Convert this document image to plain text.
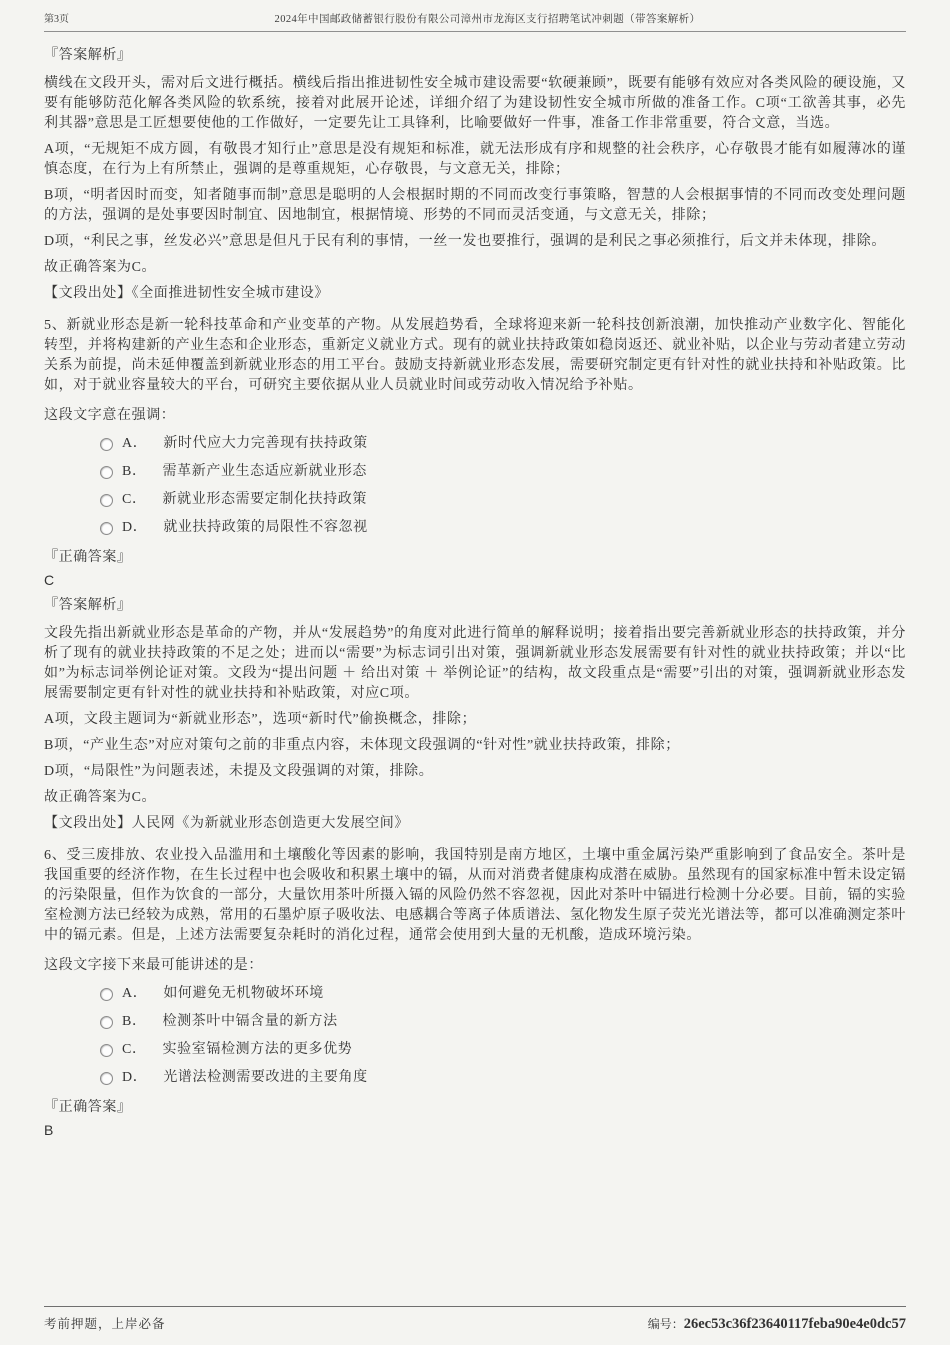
第3页	2024年中国邮政储蓄银行股份有限公司漳州市龙海区支行招聘笔试冲刺题（带答案解析）

『答案解析』

横线在文段开头，需对后文进行概括。横线后指出推进韧性安全城市建设需要“软硬兼顾”，既要有能够有效应对各类风险的硬设施，又要有能够防范化解各类风险的软系统，接着对此展开论述，详细介绍了为建设韧性安全城市所做的准备工作。C项“工欲善其事，必先利其器”意思是工匠想要使他的工作做好，一定要先让工具锋利，比喻要做好一件事，准备工作非常重要，符合文意，当选。

A项，“无规矩不成方圆，有敬畏才知行止”意思是没有规矩和标准，就无法形成有序和规整的社会秩序，心存敬畏才能有如履薄冰的谨慎态度，在行为上有所禁止，强调的是尊重规矩，心存敬畏，与文意无关，排除；

B项，“明者因时而变，知者随事而制”意思是聪明的人会根据时期的不同而改变行事策略，智慧的人会根据事情的不同而改变处理问题的方法，强调的是处事要因时制宜、因地制宜，根据情境、形势的不同而灵活变通，与文意无关，排除；

D项，“利民之事，丝发必兴”意思是但凡于民有利的事情，一丝一发也要推行，强调的是利民之事必须推行，后文并未体现，排除。

故正确答案为C。

【文段出处】《全面推进韧性安全城市建设》

5、新就业形态是新一轮科技革命和产业变革的产物。从发展趋势看，全球将迎来新一轮科技创新浪潮，加快推动产业数字化、智能化转型，并将构建新的产业生态和企业形态，重新定义就业方式。现有的就业扶持政策如稳岗返还、就业补贴，以企业与劳动者建立劳动关系为前提，尚未延伸覆盖到新就业形态的用工平台。鼓励支持新就业形态发展，需要研究制定更有针对性的就业扶持和补贴政策。比如，对于就业容量较大的平台，可研究主要依据从业人员就业时间或劳动收入情况给予补贴。

这段文字意在强调：

A． 新时代应大力完善现有扶持政策
B． 需革新产业生态适应新就业形态
C． 新就业形态需要定制化扶持政策
D． 就业扶持政策的局限性不容忽视

『正确答案』

C

『答案解析』

文段先指出新就业形态是革命的产物，并从“发展趋势”的角度对此进行简单的解释说明；接着指出要完善新就业形态的扶持政策，并分析了现有的就业扶持政策的不足之处；进而以“需要”为标志词引出对策，强调新就业形态发展需要有针对性的就业扶持政策；并以“比如”为标志词举例论证对策。文段为“提出问题 ＋ 给出对策 ＋ 举例论证”的结构，故文段重点是“需要”引出的对策，强调新就业形态发展需要制定更有针对性的就业扶持和补贴政策，对应C项。

A项，文段主题词为“新就业形态”，选项“新时代”偷换概念，排除；

B项，“产业生态”对应对策句之前的非重点内容，未体现文段强调的“针对性”就业扶持政策，排除；

D项，“局限性”为问题表述，未提及文段强调的对策，排除。

故正确答案为C。

【文段出处】人民网《为新就业形态创造更大发展空间》

6、受三废排放、农业投入品滥用和土壤酸化等因素的影响，我国特别是南方地区，土壤中重金属污染严重影响到了食品安全。茶叶是我国重要的经济作物，在生长过程中也会吸收和积累土壤中的镉，从而对消费者健康构成潜在威胁。虽然现有的国家标准中暂未设定镉的污染限量，但作为饮食的一部分，大量饮用茶叶所摄入镉的风险仍然不容忽视，因此对茶叶中镉进行检测十分必要。目前，镉的实验室检测方法已经较为成熟，常用的石墨炉原子吸收法、电感耦合等离子体质谱法、氢化物发生原子荧光光谱法等，都可以准确测定茶叶中的镉元素。但是，上述方法需要复杂耗时的消化过程，通常会使用到大量的无机酸，造成环境污染。

这段文字接下来最可能讲述的是：

A． 如何避免无机物破坏环境
B． 检测茶叶中镉含量的新方法
C． 实验室镉检测方法的更多优势
D． 光谱法检测需要改进的主要角度

『正确答案』

B

考前押题，上岸必备	编号：26ec53c36f23640117feba90e4e0dc57
